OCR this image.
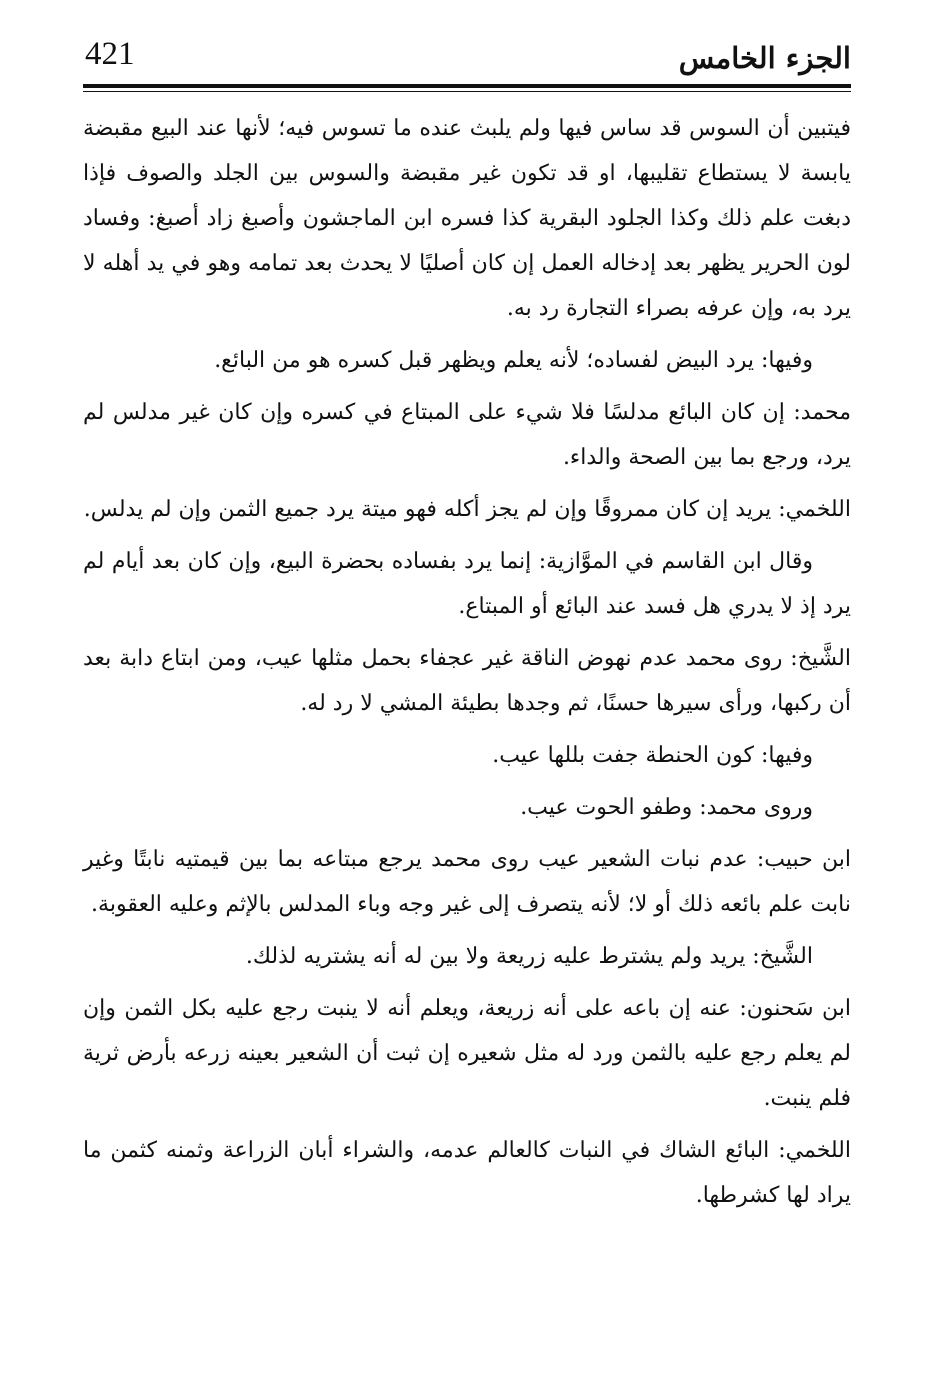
الجزء الخامس
421

فيتبين أن السوس قد ساس فيها ولم يلبث عنده ما تسوس فيه؛ لأنها عند البيع مقبضة يابسة لا يستطاع تقليبها، او قد تكون غير مقبضة والسوس بين الجلد والصوف فإذا دبغت علم ذلك وكذا الجلود البقرية كذا فسره ابن الماجشون وأصبغ زاد أصبغ: وفساد لون الحرير يظهر بعد إدخاله العمل إن كان أصليًا لا يحدث بعد تمامه وهو في يد أهله لا يرد به، وإن عرفه بصراء التجارة رد به.

وفيها: يرد البيض لفساده؛ لأنه يعلم ويظهر قبل كسره هو من البائع.

محمد: إن كان البائع مدلسًا فلا شيء على المبتاع في كسره وإن كان غير مدلس لم يرد، ورجع بما بين الصحة والداء.

اللخمي: يريد إن كان ممروقًا وإن لم يجز أكله فهو ميتة يرد جميع الثمن وإن لم يدلس.

وقال ابن القاسم في الموَّازية: إنما يرد بفساده بحضرة البيع، وإن كان بعد أيام لم يرد إذ لا يدري هل فسد عند البائع أو المبتاع.

الشَّيخ: روى محمد عدم نهوض الناقة غير عجفاء بحمل مثلها عيب، ومن ابتاع دابة بعد أن ركبها، ورأى سيرها حسنًا، ثم وجدها بطيئة المشي لا رد له.

وفيها: كون الحنطة جفت بللها عيب.

وروى محمد: وطفو الحوت عيب.

ابن حبيب: عدم نبات الشعير عيب روى محمد يرجع مبتاعه بما بين قيمتيه نابتًا وغير نابت علم بائعه ذلك أو لا؛ لأنه يتصرف إلى غير وجه وباء المدلس بالإثم وعليه العقوبة.

الشَّيخ: يريد ولم يشترط عليه زريعة ولا بين له أنه يشتريه لذلك.

ابن سَحنون: عنه إن باعه على أنه زريعة، ويعلم أنه لا ينبت رجع عليه بكل الثمن وإن لم يعلم رجع عليه بالثمن ورد له مثل شعيره إن ثبت أن الشعير بعينه زرعه بأرض ثرية فلم ينبت.

اللخمي: البائع الشاك في النبات كالعالم عدمه، والشراء أبان الزراعة وثمنه كثمن ما يراد لها كشرطها.
